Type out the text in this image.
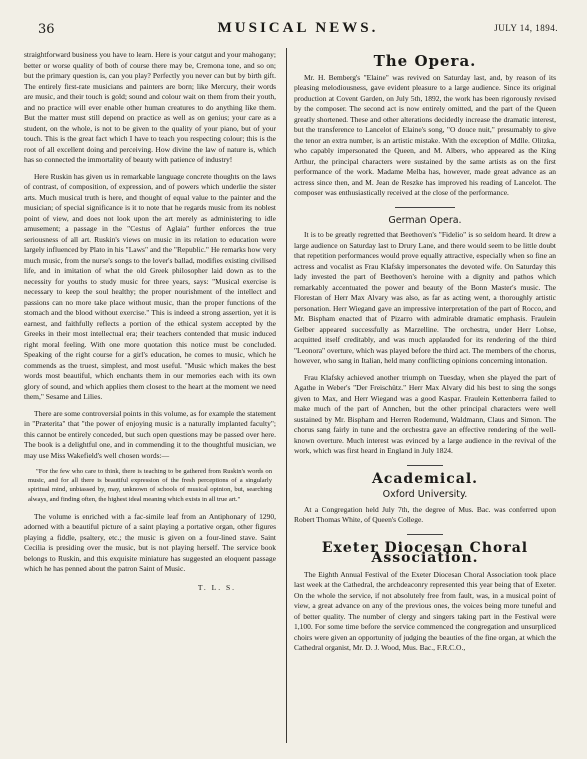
36	MUSICAL NEWS.	JULY 14, 1894.

straightforward business you have to learn. Here is your catgut and your mahogany; better or worse quality of both of course there may be, Cremona tone, and so on; but the primary question is, can you play? Perfectly you never can but by birth gift. The entirely first-rate musicians and painters are born; like Mercury, their words are music, and their touch is gold; sound and colour wait on them from their youth, and no practice will ever enable other human creatures to do anything like them. But the matter must still depend on practice as well as on genius; your care as a student, on the whole, is not to be given to the quality of your piano, but of your touch. This is the great fact which I have to teach you respecting colour; this is the root of all excellent doing and perceiving. How divine the law of nature is, which has so connected the immortality of beauty with patience of industry!

Here Ruskin has given us in remarkable language concrete thoughts on the laws of contrast, of composition, of expression, and of powers which underlie the sister arts. Much musical truth is here, and thought of equal value to the painter and the musician; of special significance is it to note that he regards music from its noblest point of view, and does not look upon the art merely as administering to idle amusement; a passage in the "Cestus of Aglaia" further enforces the true seriousness of all art. Ruskin's views on music in its relation to education were largely influenced by Plato in his "Laws" and the "Republic." He remarks how very much music, from the nurse's songs to the lover's ballad, modifies existing civilised life, and in imitation of what the old Greek philosopher laid down as to the necessity for youths to study music for three years, says: "Musical exercise is necessary to keep the soul healthy; the proper nourishment of the intellect and passions can no more take place without music, than the proper functions of the stomach and the blood without exercise." This is indeed a strong assertion, yet it is earnest, and faithfully reflects a portion of the ethical system accepted by the Greeks in their most intellectual era; their teachers contended that music induced right moral feeling. With one more quotation this notice must be concluded. Speaking of the right course for a girl's education, he comes to music, which he commends as the truest, simplest, and most useful. "Music which makes the best words most beautiful, which enchants them in our memories each with its own glory of sound, and which applies them closest to the heart at the moment we need them," Sesame and Lilies.

There are some controversial points in this volume, as for example the statement in "Præterita" that "the power of enjoying music is a naturally implanted faculty"; this cannot be entirely conceded, but such open questions may be passed over here. The book is a delightful one, and in commending it to the thoughtful musician, we may use Miss Wakefield's well chosen words:—

"For the few who care to think, there is teaching to be gathered from Ruskin's words on music, and for all there is beautiful expression of the fresh perceptions of a singularly spiritual mind, unbiassed by, may, unknown of schools of musical opinion, but, searching always, and finding often, the highest ideal meaning which exists in all true art."

The volume is enriched with a fac-simile leaf from an Antiphonary of 1290, adorned with a beautiful picture of a saint playing a portative organ, other figures playing a fiddle, psaltery, etc.; the music is given on a four-lined stave. Saint Cecilia is presiding over the music, but is not playing herself. The service book belongs to Ruskin, and this exquisite miniature has suggested an eloquent passage which he has penned about the patron Saint of Music.

T. L. S.
The Opera.

Mr. H. Bemberg's "Elaine" was revived on Saturday last, and, by reason of its pleasing melodiousness, gave evident pleasure to a large audience. Since its original production at Covent Garden, on July 5th, 1892, the work has been rigorously revised by the composer. The second act is now entirely omitted, and the part of the Queen greatly shortened. These and other alterations decidedly increase the dramatic interest, but the transference to Lancelot of Elaine's song, "O douce nuit," presumably to give the tenor an extra number, is an artistic mistake. With the exception of Mdlle. Olitzka, who capably impersonated the Queen, and M. Albers, who appeared as the King Arthur, the principal characters were sustained by the same artists as on the first performance of the work. Madame Melba has, however, made great advance as an actress since then, and M. Jean de Reszke has improved his reading of Lancelot. The composer was enthusiastically received at the close of the performance.

German Opera.

It is to be greatly regretted that Beethoven's "Fidelio" is so seldom heard. It drew a large audience on Saturday last to Drury Lane, and there would seem to be little doubt that repetition performances would prove equally attractive, especially when so fine an actress and vocalist as Frau Klafsky impersonates the devoted wife. On Saturday this lady invested the part of Beethoven's heroine with a dignity and pathos which remarkably accentuated the power and beauty of the Bonn Master's music. The Florestan of Herr Max Alvary was also, as far as acting went, a thoroughly artistic personation. Herr Wiegand gave an impressive interpretation of the part of Rocco, and Mr. Bispham enacted that of Pizarro with admirable dramatic emphasis. Fraulein Gelber appeared successfully as Marzelline. The orchestra, under Herr Lohse, acquitted itself creditably, and was much applauded for its rendering of the third "Leonora" overture, which was played before the third act. The members of the chorus, however, who sang in Italian, held many conflicting opinions concerning intonation.

Frau Klafsky achieved another triumph on Tuesday, when she played the part of Agathe in Weber's "Der Freischütz." Herr Max Alvary did his best to sing the songs given to Max, and Herr Wiegand was a good Kaspar. Fraulein Kettenberra failed to make much of the part of Annchen, but the other principal characters were well sustained by Mr. Bispham and Herren Rodemund, Waldmann, Claus and Simon. The chorus sang fairly in tune and the orchestra gave an effective rendering of the well-known overture. Much interest was evinced by a large audience in the revival of the work, which was first heard in England in July 1824.

Academical.
Oxford University.

At a Congregation held July 7th, the degree of Mus. Bac. was conferred upon Robert Thomas White, of Queen's College.

Exeter Diocesan Choral Association.

The Eighth Annual Festival of the Exeter Diocesan Choral Association took place last week at the Cathedral, the archdeaconry represented this year being that of Exeter. On the whole the service, if not absolutely free from fault, was, in a musical point of view, a great advance on any of the previous ones, the voices being more tuneful and of better quality. The number of clergy and singers taking part in the Festival were 1,100. For some time before the service commenced the congregation and unsurpliced choirs were given an opportunity of judging the beauties of the fine organ, at which the Cathedral organist, Mr. D. J. Wood, Mus. Bac., F.R.C.O.,
